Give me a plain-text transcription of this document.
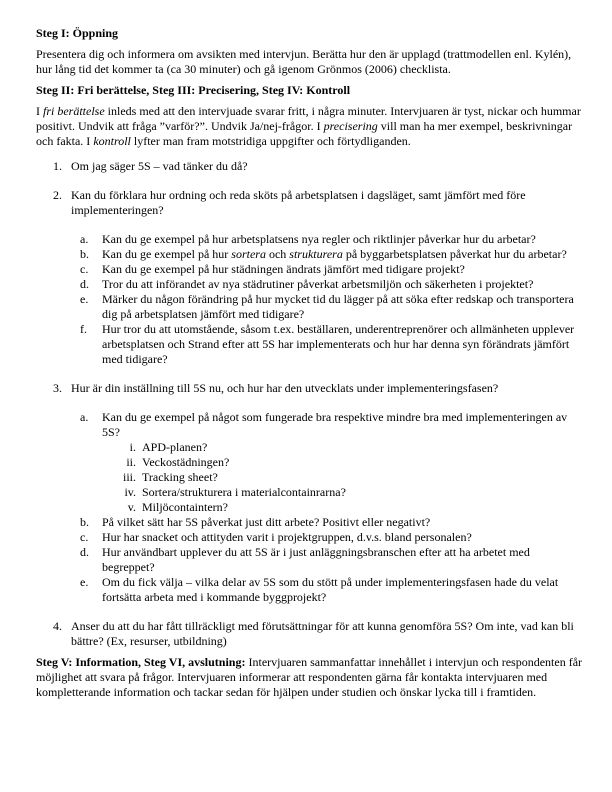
Steg I: Öppning

Presentera dig och informera om avsikten med intervjun. Berätta hur den är upplagd (trattmodellen enl. Kylén), hur lång tid det kommer ta (ca 30 minuter) och gå igenom Grönmos (2006) checklista.

Steg II: Fri berättelse, Steg III: Precisering, Steg IV: Kontroll

I fri berättelse inleds med att den intervjuade svarar fritt, i några minuter. Intervjuaren är tyst, nickar och hummar positivt. Undvik att fråga ”varför?”. Undvik Ja/nej-frågor. I precisering vill man ha mer exempel, beskrivningar och fakta. I kontroll lyfter man fram motstridiga uppgifter och förtydliganden.

1. Om jag säger 5S – vad tänker du då?
2. Kan du förklara hur ordning och reda sköts på arbetsplatsen i dagsläget, samt jämfört med före implementeringen?
a.	Kan du ge exempel på hur arbetsplatsens nya regler och riktlinjer påverkar hur du arbetar?
b.	Kan du ge exempel på hur sortera och strukturera på byggarbetsplatsen påverkat hur du arbetar?
c.	Kan du ge exempel på hur städningen ändrats jämfört med tidigare projekt?
d.	Tror du att införandet av nya städrutiner påverkat arbetsmiljön och säkerheten i projektet?
e.	Märker du någon förändring på hur mycket tid du lägger på att söka efter redskap och transportera dig på arbetsplatsen jämfört med tidigare?
f.	Hur tror du att utomstående, såsom t.ex. beställaren, underentreprenörer och allmänheten upplever arbetsplatsen och Strand efter att 5S har implementerats och hur har denna syn förändrats jämfört med tidigare?
3. Hur är din inställning till 5S nu, och hur har den utvecklats under implementeringsfasen?
a.	Kan du ge exempel på något som fungerade bra respektive mindre bra med implementeringen av 5S?
i. APD-planen?
ii. Veckostädningen?
iii. Tracking sheet?
iv. Sortera/strukturera i materialcontainrarna?
v. Miljöcontaintern?
b.	På vilket sätt har 5S påverkat just ditt arbete? Positivt eller negativt?
c.	Hur har snacket och attityden varit i projektgruppen, d.v.s. bland personalen?
d.	Hur användbart upplever du att 5S är i just anläggningsbranschen efter att ha arbetet med begreppet?
e.	Om du fick välja – vilka delar av 5S som du stött på under implementeringsfasen hade du velat fortsätta arbeta med i kommande byggprojekt?
4. Anser du att du har fått tillräckligt med förutsättningar för att kunna genomföra 5S? Om inte, vad kan bli bättre? (Ex, resurser, utbildning)

Steg V: Information, Steg VI, avslutning: Intervjuaren sammanfattar innehållet i intervjun och respondenten får möjlighet att svara på frågor. Intervjuaren informerar att respondenten gärna får kontakta intervjuaren med kompletterande information och tackar sedan för hjälpen under studien och önskar lycka till i framtiden.
